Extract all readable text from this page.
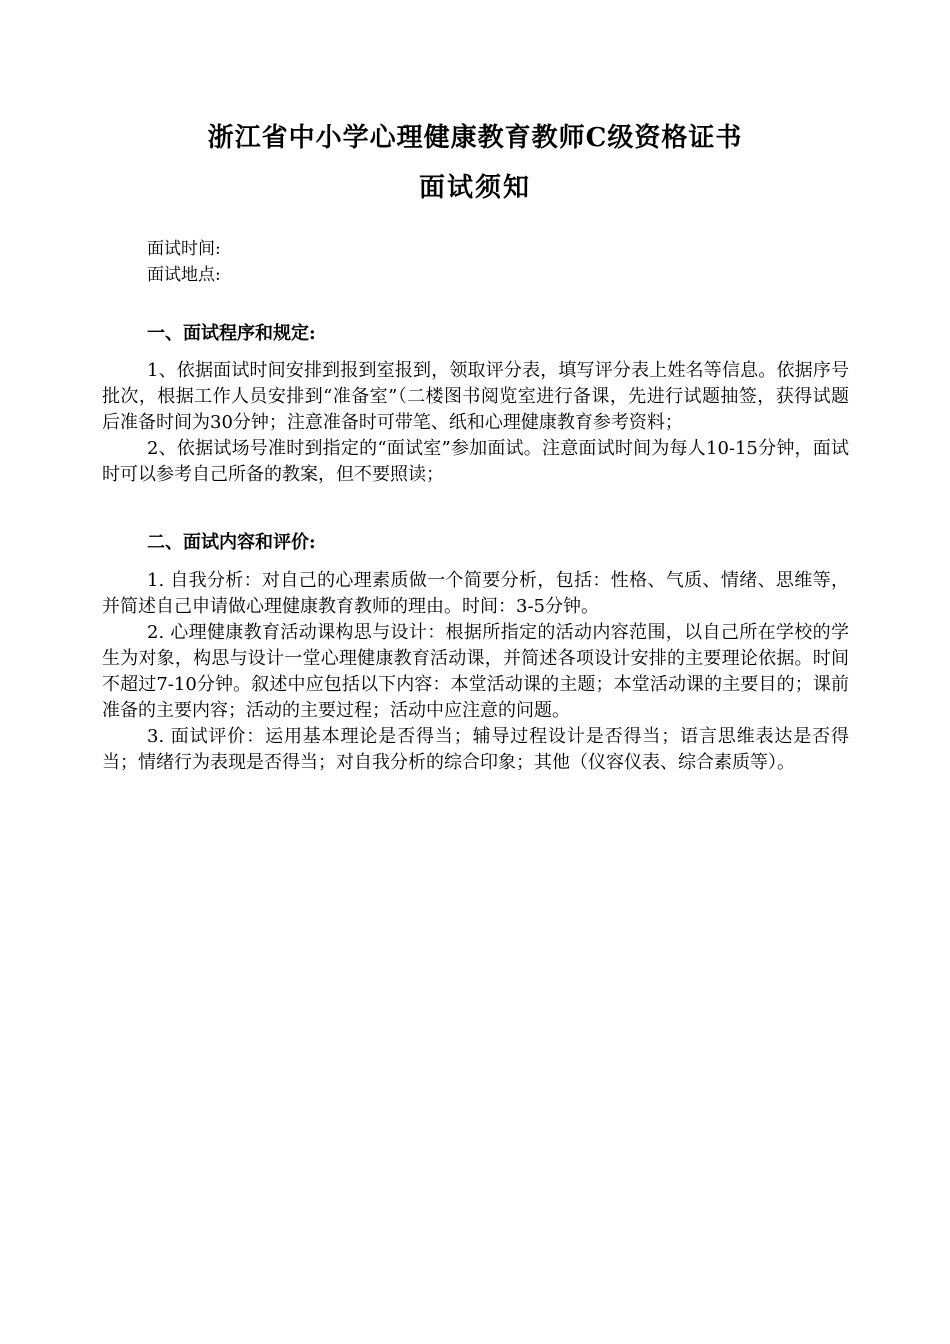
浙江省中小学心理健康教育教师C级资格证书
面试须知
面试时间:
面试地点:
一、面试程序和规定:

1、依据面试时间安排到报到室报到，领取评分表，填写评分表上姓名等信息。依据序号批次，根据工作人员安排到“准备室”（二楼图书阅览室进行备课，先进行试题抽签，获得试题后准备时间为30分钟；注意准备时可带笔、纸和心理健康教育参考资料；

2、依据试场号准时到指定的“面试室”参加面试。注意面试时间为每人10-15分钟，面试时可以参考自己所备的教案，但不要照读；

二、面试内容和评价:

1. 自我分析：对自己的心理素质做一个简要分析，包括：性格、气质、情绪、思维等，并简述自己申请做心理健康教育教师的理由。时间：3-5分钟。

2. 心理健康教育活动课构思与设计：根据所指定的活动内容范围，以自己所在学校的学生为对象，构思与设计一堂心理健康教育活动课，并简述各项设计安排的主要理论依据。时间不超过7-10分钟。叙述中应包括以下内容：本堂活动课的主题；本堂活动课的主要目的；课前准备的主要内容；活动的主要过程；活动中应注意的问题。

3. 面试评价：运用基本理论是否得当；辅导过程设计是否得当；语言思维表达是否得当；情绪行为表现是否得当；对自我分析的综合印象；其他（仪容仪表、综合素质等）。
